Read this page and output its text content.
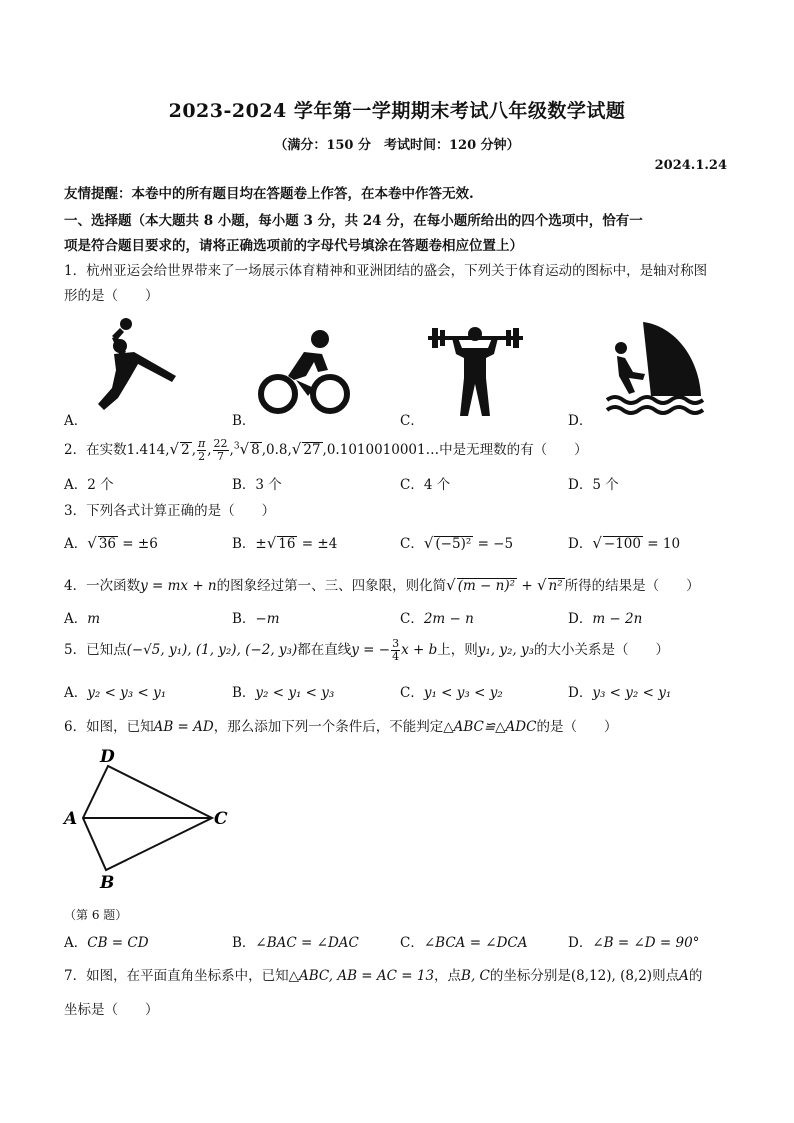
2023-2024 学年第一学期期末考试八年级数学试题
（满分：150 分　考试时间：120 分钟）
2024.1.24
友情提醒：本卷中的所有题目均在答题卷上作答，在本卷中作答无效.
一、选择题（本大题共 8 小题，每小题 3 分，共 24 分，在每小题所给出的四个选项中，恰有一
项是符合题目要求的，请将正确选项前的字母代号填涂在答题卷相应位置上）
1．杭州亚运会给世界带来了一场展示体育精神和亚洲团结的盛会，下列关于体育运动的图标中，是轴对称图
形的是（　　）
A．	B．	C．	D．
2．在实数1.414,√ 2 , $\frac{\pi}{2}$ , $\frac{22}{7} ,^3√$ 8 ,0.8,√ 27 ,0.1010010001…中是无理数的有（　　）
A．2 个	B．3 个	C．4 个	D．5 个
3．下列各式计算正确的是（　　）
A．√ 36 = ±6	B．±√ 16 = ±4	C．√ (−5)² = −5	D．√ −100 = 10
4．一次函数y = mx + n的图象经过第一、三、四象限，则化简√ (m − n)² + √ n² 所得的结果是（　　）
A．m	B．−m	C．2m − n	D．m − 2n
5．已知点(−√5, y₁), (1, y₂), (−2, y₃)都在直线y = − $\frac{3}{4}$ x + b上，则y₁, y₂, y₃的大小关系是（　　）
A．y₂ < y₃ < y₁	B．y₂ < y₁ < y₃	C．y₁ < y₃ < y₂	D．y₃ < y₂ < y₁
6．如图，已知AB = AD，那么添加下列一个条件后，不能判定△ABC≌△ADC的是（　　）
D
A	C
B
（第 6 题）
A．CB = CD	B．∠BAC = ∠DAC	C．∠BCA = ∠DCA	D．∠B = ∠D = 90°
7．如图，在平面直角坐标系中，已知△ABC, AB = AC = 13，点B, C的坐标分别是(8,12), (8,2)则点A的
坐标是（　　）
